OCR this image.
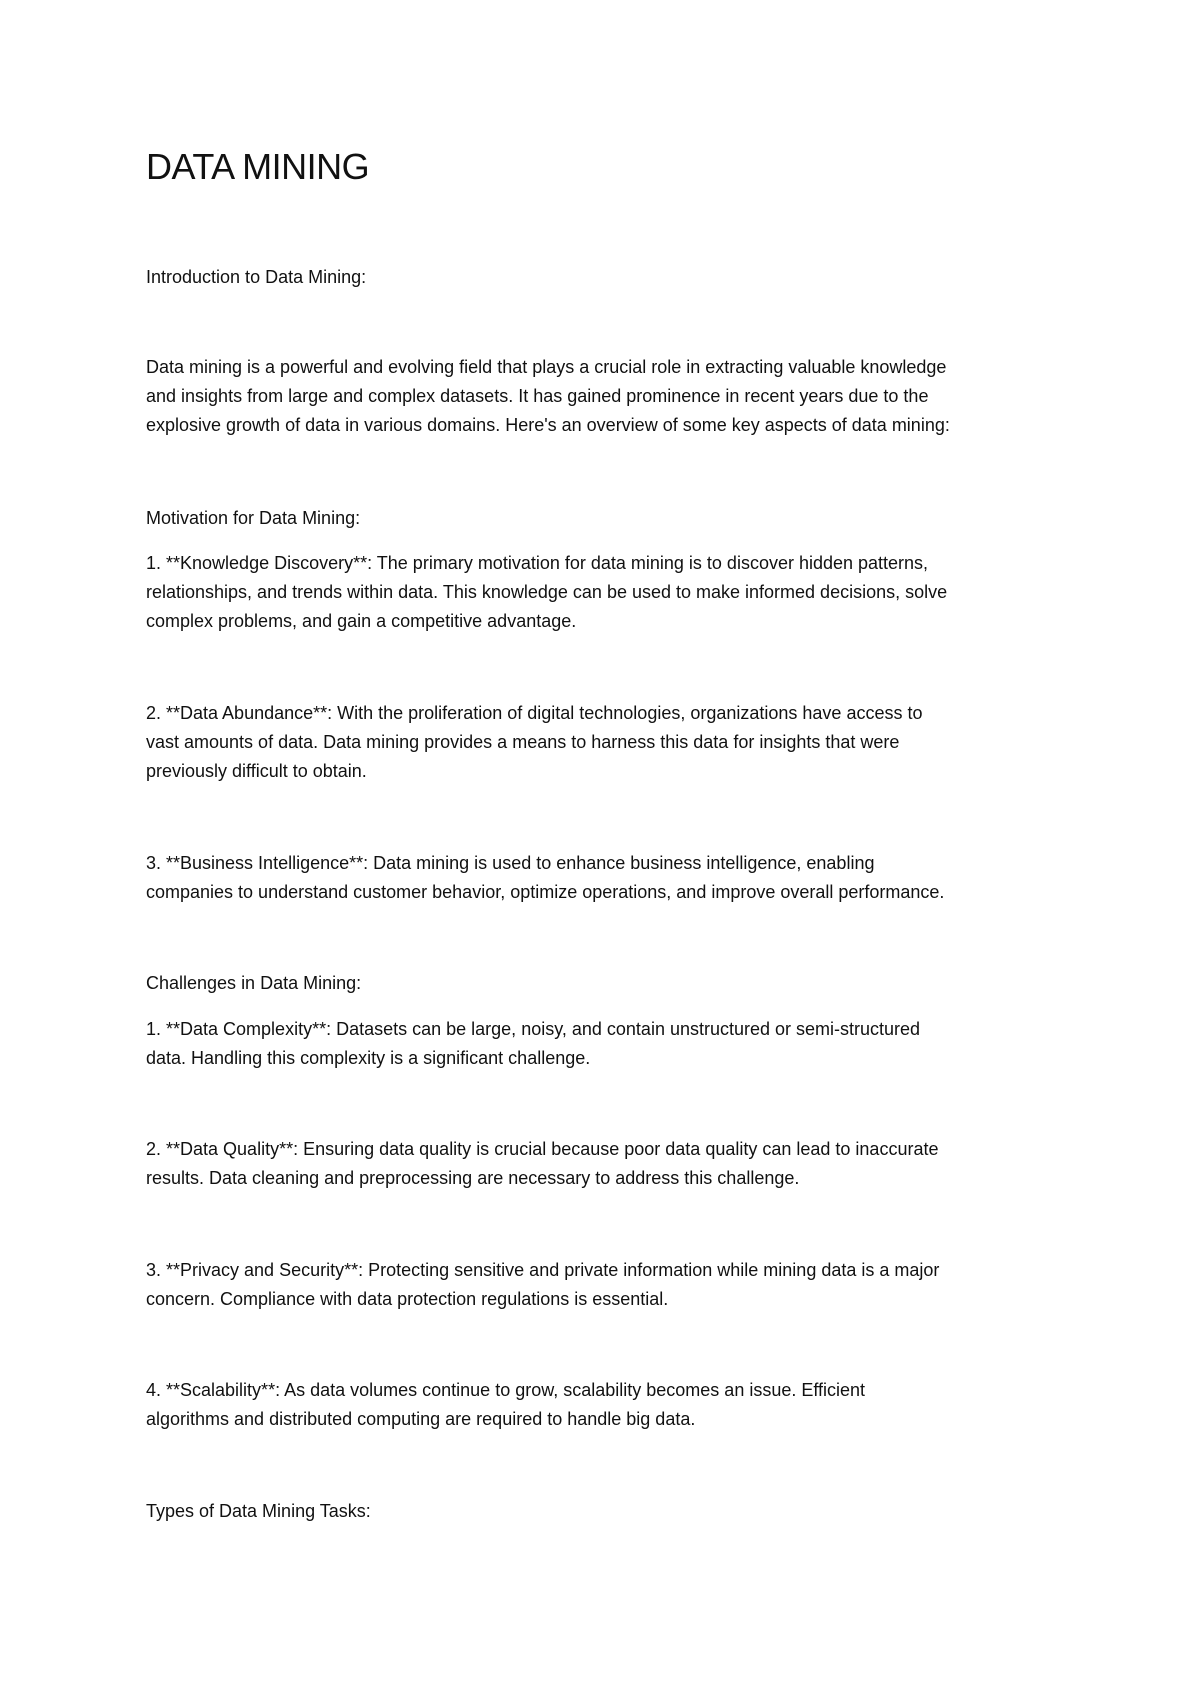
DATA MINING

Introduction to Data Mining:

Data mining is a powerful and evolving field that plays a crucial role in extracting valuable knowledge
and insights from large and complex datasets. It has gained prominence in recent years due to the
explosive growth of data in various domains. Here's an overview of some key aspects of data mining:

Motivation for Data Mining:

1. **Knowledge Discovery**: The primary motivation for data mining is to discover hidden patterns,
relationships, and trends within data. This knowledge can be used to make informed decisions, solve
complex problems, and gain a competitive advantage.

2. **Data Abundance**: With the proliferation of digital technologies, organizations have access to
vast amounts of data. Data mining provides a means to harness this data for insights that were
previously difficult to obtain.

3. **Business Intelligence**: Data mining is used to enhance business intelligence, enabling
companies to understand customer behavior, optimize operations, and improve overall performance.

Challenges in Data Mining:

1. **Data Complexity**: Datasets can be large, noisy, and contain unstructured or semi-structured
data. Handling this complexity is a significant challenge.

2. **Data Quality**: Ensuring data quality is crucial because poor data quality can lead to inaccurate
results. Data cleaning and preprocessing are necessary to address this challenge.

3. **Privacy and Security**: Protecting sensitive and private information while mining data is a major
concern. Compliance with data protection regulations is essential.

4. **Scalability**: As data volumes continue to grow, scalability becomes an issue. Efficient
algorithms and distributed computing are required to handle big data.

Types of Data Mining Tasks:
